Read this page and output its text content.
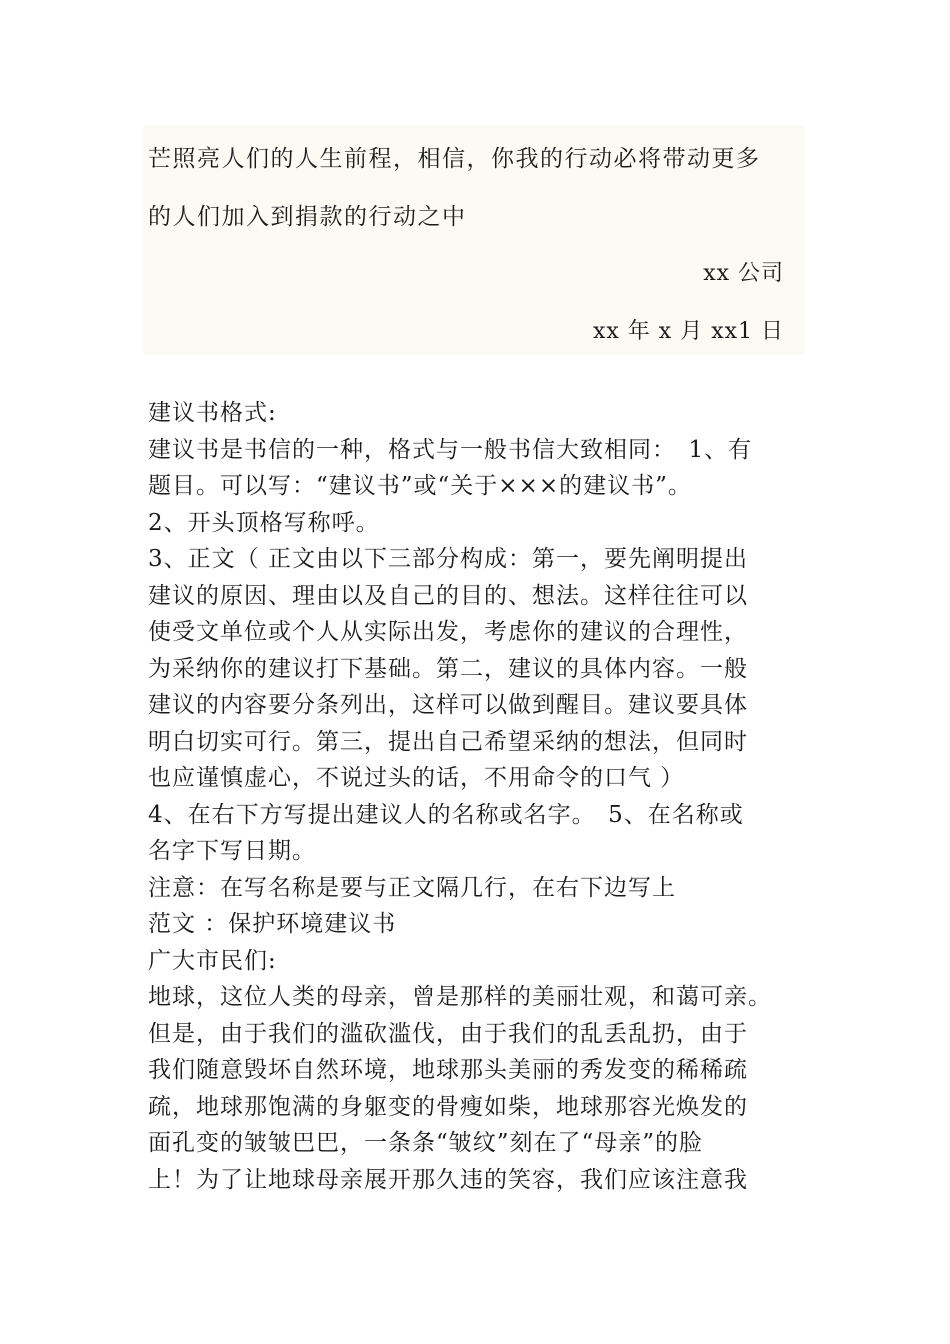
芒照亮人们的人生前程，相信，你我的行动必将带动更多
的人们加入到捐款的行动之中
xx 公司
xx 年 x 月 xx1 日
建议书格式:
建议书是书信的一种，格式与一般书信大致相同：　1、有
题目。可以写：“建议书”或“关于×××的建议书”。
2、开头顶格写称呼。
3、正文（ 正文由以下三部分构成：第一，要先阐明提出
建议的原因、理由以及自己的目的、想法。这样往往可以
使受文单位或个人从实际出发，考虑你的建议的合理性，
为采纳你的建议打下基础。第二，建议的具体内容。一般
建议的内容要分条列出，这样可以做到醒目。建议要具体
明白切实可行。第三，提出自己希望采纳的想法，但同时
也应谨慎虚心，不说过头的话，不用命令的口气 ）
4、在右下方写提出建议人的名称或名字。　5、在名称或
名字下写日期。
注意：在写名称是要与正文隔几行，在右下边写上
范文 ：保护环境建议书
广大市民们:
地球，这位人类的母亲，曾是那样的美丽壮观，和蔼可亲。
但是，由于我们的滥砍滥伐，由于我们的乱丢乱扔，由于
我们随意毁坏自然环境，地球那头美丽的秀发变的稀稀疏
疏，地球那饱满的身躯变的骨瘦如柴，地球那容光焕发的
面孔变的皱皱巴巴，一条条“皱纹”刻在了“母亲”的脸
上！为了让地球母亲展开那久违的笑容，我们应该注意我
